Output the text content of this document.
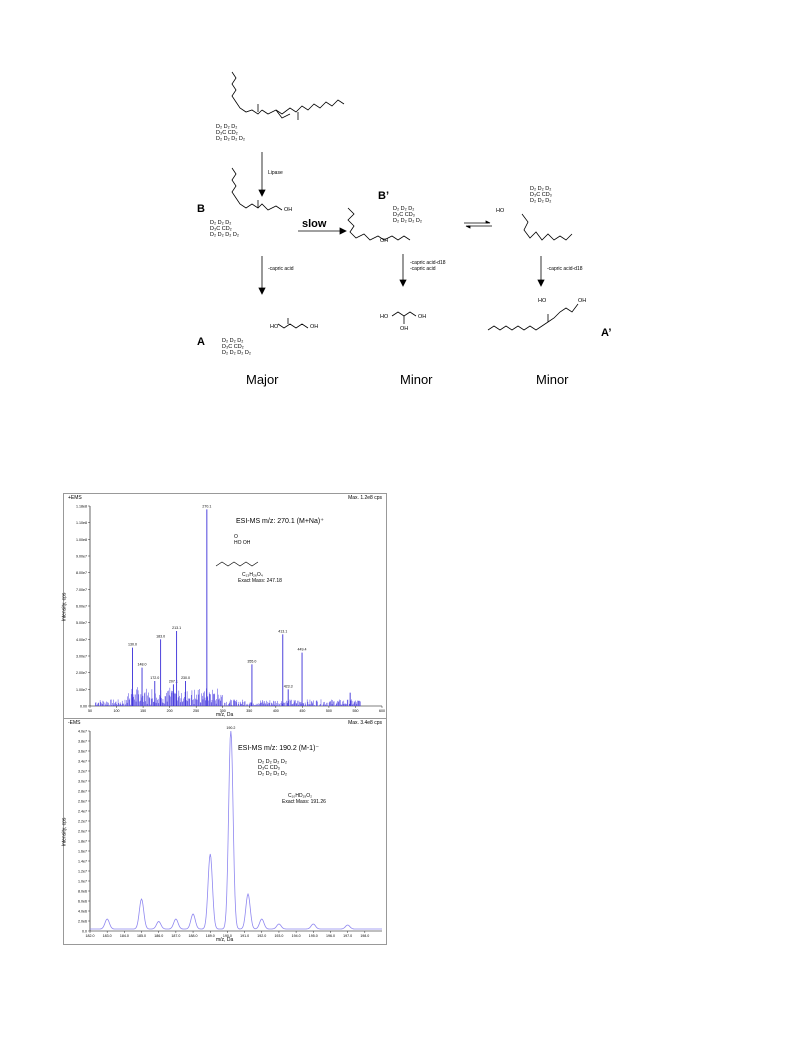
B
B’
A
A’
Lipase
-capric acid
slow
-capric acid-d18
-capric acid	-capric acid-d18
D₂ D₂ D₂
D₃C CD₂
D₂ D₂ D₂ D₂
D₂ D₂ D₂
D₃C CD₂
D₂ D₂ D₂ D₂
OH	D₂ D₂ D₂
D₃C CD₃
D₂ D₂ D₂ D₂
OH
D₂ D₂ D₂
D₃C CD₃
D₂ D₂ D₂
HO
HO	OH
OH
HO	OH
HO	OH
D₂ D₂ D₂
D₃C CD₂
D₂ D₂ D₂ D₂
Major	Minor	Minor
+EMS	Max. 1.2e8 cps
ESI-MS m/z: 270.1 (M+Na)⁺
O
HO OH
C₁₃H₂₆O₄
Exact Mass: 247.18
Intensity, cps
m/z, Da
0.00
1.00e7
2.00e7
3.00e7
4.00e7
5.00e7
6.00e7
7.00e7
8.00e7
9.00e7
1.00e8
1.10e8
1.18e8
50	100	150	200	250	300	350	400	450	500	550	600
130.0
148.0
172.0
183.0
207.1
213.1
230.0
270.1
355.0
413.1
423.3
449.4
-EMS	Max. 3.4e8 cps
ESI-MS m/z: 190.2 (M-1)⁻
D₂ D₂ D₂ D₂
D₃C CD₃
D₂ D₂ D₂ D₂
C₁₀HD₁₉O₂
Exact Mass: 191.26
Intensity, cps
m/z, Da
0.0
2.0e6
4.0e6
6.0e6
8.0e6
1.0e7
1.2e7
1.4e7
1.6e7
1.8e7
2.0e7
2.2e7
2.4e7
2.6e7
2.8e7
3.0e7
3.2e7
3.4e7
3.6e7
3.8e7
4.0e7
182.0 183.0 184.0 185.0 186.0 187.0 188.0 189.0 190.0 191.0 192.0 193.0 194.0 195.0 196.0 197.0 198.0
190.2
